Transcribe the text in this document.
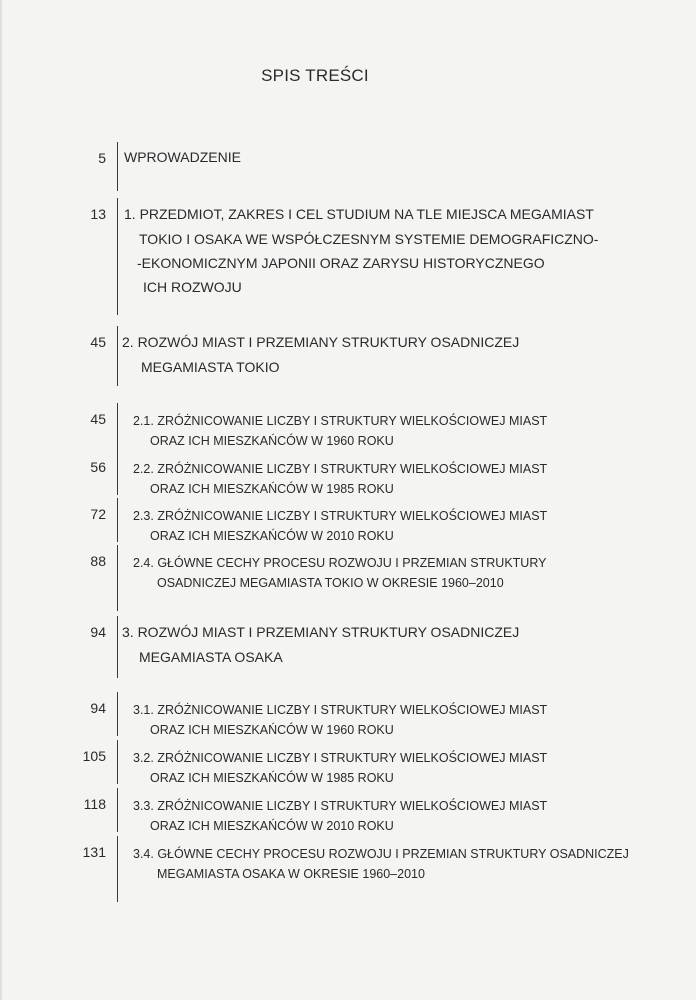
SPIS TREŚCI
5 WPROWADZENIE
13 1. PRZEDMIOT, ZAKRES I CEL STUDIUM NA TLE MIEJSCA MEGAMIAST
TOKIO I OSAKA WE WSPÓŁCZESNYM SYSTEMIE DEMOGRAFICZNO-
-EKONOMICZNYM JAPONII ORAZ ZARYSU HISTORYCZNEGO
ICH ROZWOJU
45 2. ROZWÓJ MIAST I PRZEMIANY STRUKTURY OSADNICZEJ
MEGAMIASTA TOKIO
45 2.1. ZRÓŻNICOWANIE LICZBY I STRUKTURY WIELKOŚCIOWEJ MIAST
ORAZ ICH MIESZKAŃCÓW W 1960 ROKU
56 2.2. ZRÓŻNICOWANIE LICZBY I STRUKTURY WIELKOŚCIOWEJ MIAST
ORAZ ICH MIESZKAŃCÓW W 1985 ROKU
72 2.3. ZRÓŻNICOWANIE LICZBY I STRUKTURY WIELKOŚCIOWEJ MIAST
ORAZ ICH MIESZKAŃCÓW W 2010 ROKU
88 2.4. GŁÓWNE CECHY PROCESU ROZWOJU I PRZEMIAN STRUKTURY
OSADNICZEJ MEGAMIASTA TOKIO W OKRESIE 1960–2010
94 3. ROZWÓJ MIAST I PRZEMIANY STRUKTURY OSADNICZEJ
MEGAMIASTA OSAKA
94 3.1. ZRÓŻNICOWANIE LICZBY I STRUKTURY WIELKOŚCIOWEJ MIAST
ORAZ ICH MIESZKAŃCÓW W 1960 ROKU
105 3.2. ZRÓŻNICOWANIE LICZBY I STRUKTURY WIELKOŚCIOWEJ MIAST
ORAZ ICH MIESZKAŃCÓW W 1985 ROKU
118 3.3. ZRÓŻNICOWANIE LICZBY I STRUKTURY WIELKOŚCIOWEJ MIAST
ORAZ ICH MIESZKAŃCÓW W 2010 ROKU
131 3.4. GŁÓWNE CECHY PROCESU ROZWOJU I PRZEMIAN STRUKTURY OSADNICZEJ
MEGAMIASTA OSAKA W OKRESIE 1960–2010
